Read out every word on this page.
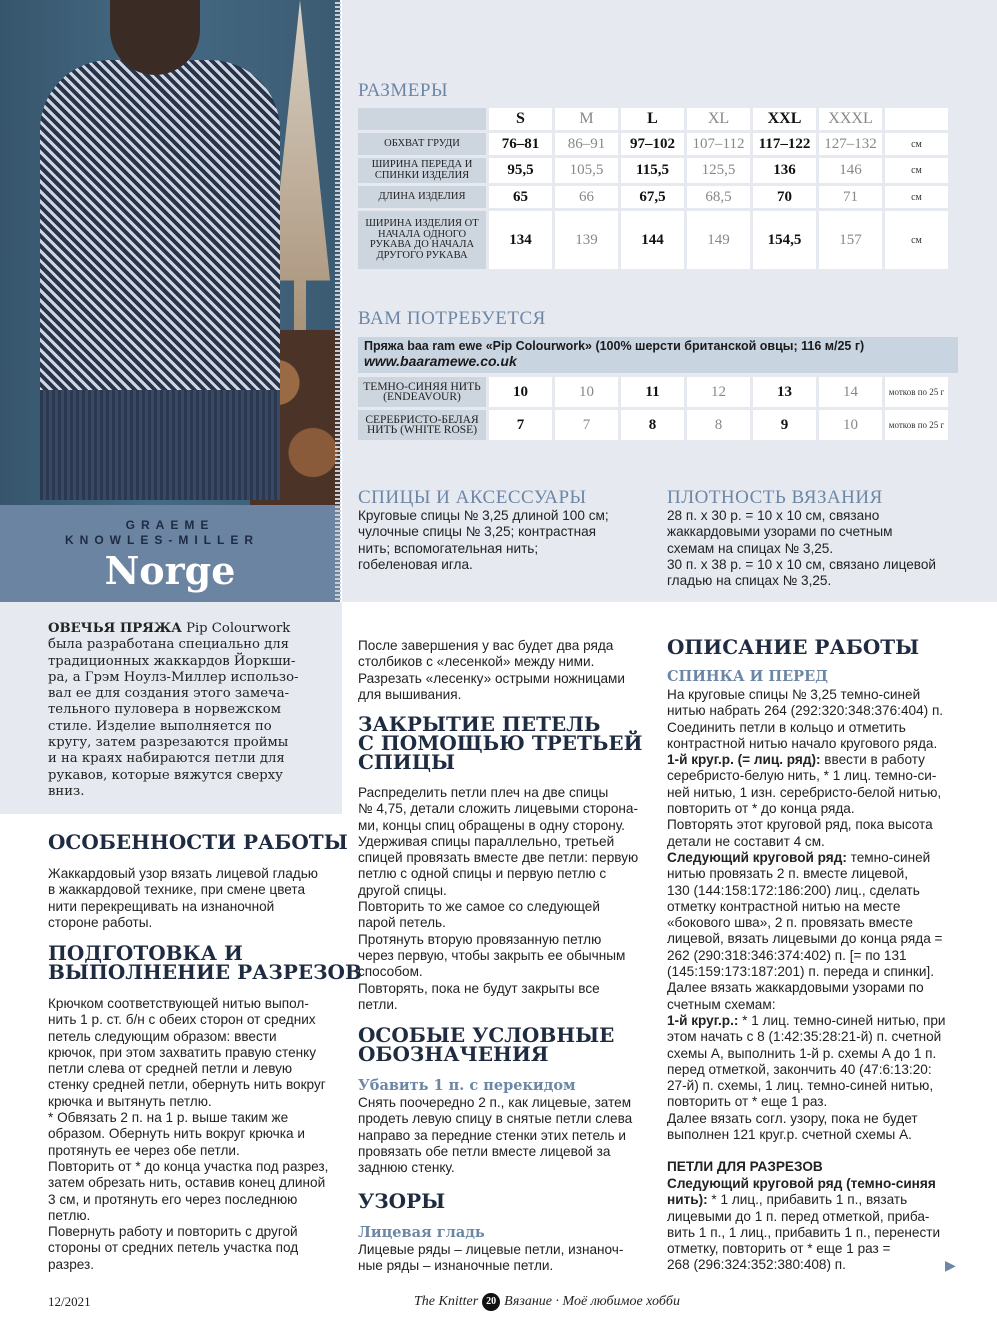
GRAEME
KNOWLES-MILLER
Norge
РАЗМЕРЫ
	S	M	L	XL	XXL	XXXL	
ОБХВАТ ГРУДИ	76–81	86–91	97–102	107–112	117–122	127–132	см
ШИРИНА ПЕРЕДА И СПИНКИ ИЗДЕЛИЯ	95,5	105,5	115,5	125,5	136	146	см
ДЛИНА ИЗДЕЛИЯ	65	66	67,5	68,5	70	71	см
ШИРИНА ИЗДЕЛИЯ ОТ НАЧАЛА ОДНОГО РУКАВА ДО НАЧАЛА ДРУГОГО РУКАВА	134	139	144	149	154,5	157	см
ВАМ ПОТРЕБУЕТСЯ
Пряжа baa ram ewe «Pip Colourwork» (100% шерсти британской овцы; 116 м/25 г)
www.baaramewe.co.uk
ТЕМНО-СИНЯЯ НИТЬ (ENDEAVOUR)	10	10	11	12	13	14	мотков по 25 г
СЕРЕБРИСТО-БЕЛАЯ НИТЬ (WHITE ROSE)	7	7	8	8	9	10	мотков по 25 г
СПИЦЫ И АКСЕССУАРЫ
Круговые спицы № 3,25 длиной 100 см;
чулочные спицы № 3,25; контрастная
нить; вспомогательная нить;
гобеленовая игла.
ПЛОТНОСТЬ ВЯЗАНИЯ
28 п. х 30 р. = 10 х 10 см, связано
жаккардовыми узорами по счетным
схемам на спицах № 3,25.
30 п. х 38 р. = 10 х 10 см, связано лицевой
гладью на спицах № 3,25.
ОВЕЧЬЯ ПРЯЖА Pip Colourwork
была разработана специально для
традиционных жаккардов Йоркши-
ра, а Грэм Ноулз-Миллер использо-
вал ее для создания этого замеча-
тельного пуловера в норвежском
стиле. Изделие выполняется по
кругу, затем разрезаются проймы
и на краях набираются петли для
рукавов, которые вяжутся сверху
вниз.
ОСОБЕННОСТИ РАБОТЫ
Жаккардовый узор вязать лицевой гладью
в жаккардовой технике, при смене цвета
нити перекрещивать на изнаночной
стороне работы.
ПОДГОТОВКА И
ВЫПОЛНЕНИЕ РАЗРЕЗОВ
Крючком соответствующей нитью выпол-
нить 1 р. ст. б/н с обеих сторон от средних
петель следующим образом: ввести
крючок, при этом захватить правую стенку
петли слева от средней петли и левую
стенку средней петли, обернуть нить вокруг
крючка и вытянуть петлю.
* Обвязать 2 п. на 1 р. выше таким же
образом. Обернуть нить вокруг крючка и
протянуть ее через обе петли.
Повторить от * до конца участка под разрез,
затем обрезать нить, оставив конец длиной
3 см, и протянуть его через последнюю
петлю.
Повернуть работу и повторить с другой
стороны от средних петель участка под
разрез.
После завершения у вас будет два ряда
столбиков с «лесенкой» между ними.
Разрезать «лесенку» острыми ножницами
для вышивания.
ЗАКРЫТИЕ ПЕТЕЛЬ
С ПОМОЩЬЮ ТРЕТЬЕЙ
СПИЦЫ
Распределить петли плеч на две спицы
№ 4,75, детали сложить лицевыми сторона-
ми, концы спиц обращены в одну сторону.
Удерживая спицы параллельно, третьей
спицей провязать вместе две петли: первую
петлю с одной спицы и первую петлю с
другой спицы.
Повторить то же самое со следующей
парой петель.
Протянуть вторую провязанную петлю
через первую, чтобы закрыть ее обычным
способом.
Повторять, пока не будут закрыты все
петли.
ОСОБЫЕ УСЛОВНЫЕ
ОБОЗНАЧЕНИЯ
Убавить 1 п. с перекидом
Снять поочередно 2 п., как лицевые, затем
продеть левую спицу в снятые петли слева
направо за передние стенки этих петель и
провязать обе петли вместе лицевой за
заднюю стенку.
УЗОРЫ
Лицевая гладь
Лицевые ряды – лицевые петли, изнаноч-
ные ряды – изнаночные петли.
ОПИСАНИЕ РАБОТЫ
СПИНКА И ПЕРЕД
На круговые спицы № 3,25 темно-синей
нитью набрать 264 (292:320:348:376:404) п.
Соединить петли в кольцо и отметить
контрастной нитью начало кругового ряда.
1-й круг.р. (= лиц. ряд): ввести в работу
серебристо-белую нить, * 1 лиц. темно-си-
ней нитью, 1 изн. серебристо-белой нитью,
повторить от * до конца ряда.
Повторять этот круговой ряд, пока высота
детали не составит 4 см.
Следующий круговой ряд: темно-синей
нитью провязать 2 п. вместе лицевой,
130 (144:158:172:186:200) лиц., сделать
отметку контрастной нитью на месте
«бокового шва», 2 п. провязать вместе
лицевой, вязать лицевыми до конца ряда =
262 (290:318:346:374:402) п. [= по 131
(145:159:173:187:201) п. переда и спинки].
Далее вязать жаккардовыми узорами по
счетным схемам:
1-й круг.р.: * 1 лиц. темно-синей нитью, при
этом начать с 8 (1:42:35:28:21-й) п. счетной
схемы А, выполнить 1-й р. схемы А до 1 п.
перед отметкой, закончить 40 (47:6:13:20:
27-й) п. схемы, 1 лиц. темно-синей нитью,
повторить от * еще 1 раз.
Далее вязать согл. узору, пока не будет
выполнен 121 круг.р. счетной схемы А.
ПЕТЛИ ДЛЯ РАЗРЕЗОВ
Следующий круговой ряд (темно-синяя
нить): * 1 лиц., прибавить 1 п., вязать
лицевыми до 1 п. перед отметкой, приба-
вить 1 п., 1 лиц., прибавить 1 п., перенести
отметку, повторить от * еще 1 раз =
268 (296:324:352:380:408) п.	▶
12/2021	The Knitter 20 Вязание · Моё любимое хобби
